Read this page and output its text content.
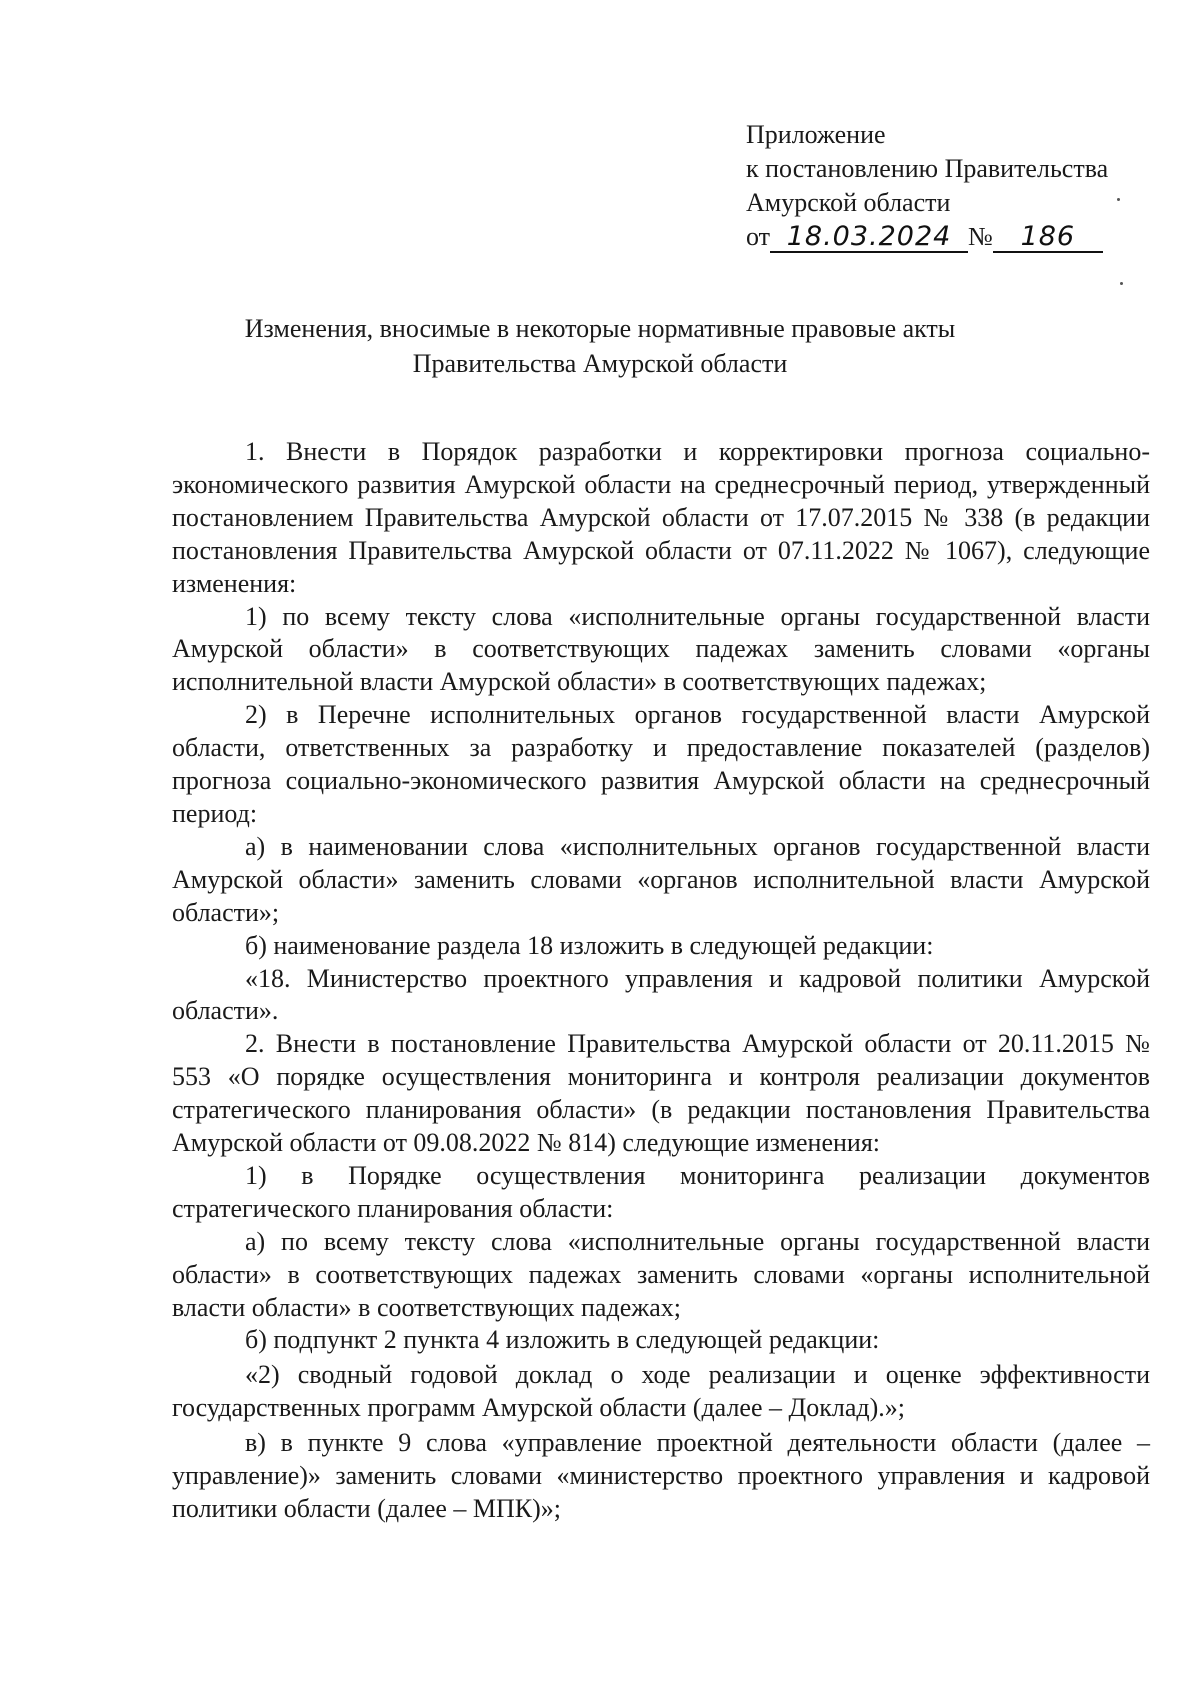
Приложение
к постановлению Правительства
Амурской области
от 18.03.2024 № 186
Изменения, вносимые в некоторые нормативные правовые акты
Правительства Амурской области

1. Внести в Порядок разработки и корректировки прогноза социально-экономического развития Амурской области на среднесрочный период, утвержденный постановлением Правительства Амурской области от 17.07.2015 № 338 (в редакции постановления Правительства Амурской области от 07.11.2022 № 1067), следующие изменения:

1) по всему тексту слова «исполнительные органы государственной власти Амурской области» в соответствующих падежах заменить словами «органы исполнительной власти Амурской области» в соответствующих падежах;

2) в Перечне исполнительных органов государственной власти Амурской области, ответственных за разработку и предоставление показателей (разделов) прогноза социально-экономического развития Амурской области на среднесрочный период:

а) в наименовании слова «исполнительных органов государственной власти Амурской области» заменить словами «органов исполнительной власти Амурской области»;

б) наименование раздела 18 изложить в следующей редакции:

«18. Министерство проектного управления и кадровой политики Амурской области».

2. Внести в постановление Правительства Амурской области от 20.11.2015 № 553 «О порядке осуществления мониторинга и контроля реализации документов стратегического планирования области» (в редакции постановления Правительства Амурской области от 09.08.2022 № 814) следующие изменения:

1) в Порядке осуществления мониторинга реализации документов стратегического планирования области:

а) по всему тексту слова «исполнительные органы государственной власти области» в соответствующих падежах заменить словами «органы исполнительной власти области» в соответствующих падежах;

б) подпункт 2 пункта 4 изложить в следующей редакции:

«2) сводный годовой доклад о ходе реализации и оценке эффективности государственных программ Амурской области (далее – Доклад).»;

в) в пункте 9 слова «управление проектной деятельности области (далее – управление)» заменить словами «министерство проектного управления и кадровой политики области (далее – МПК)»;
